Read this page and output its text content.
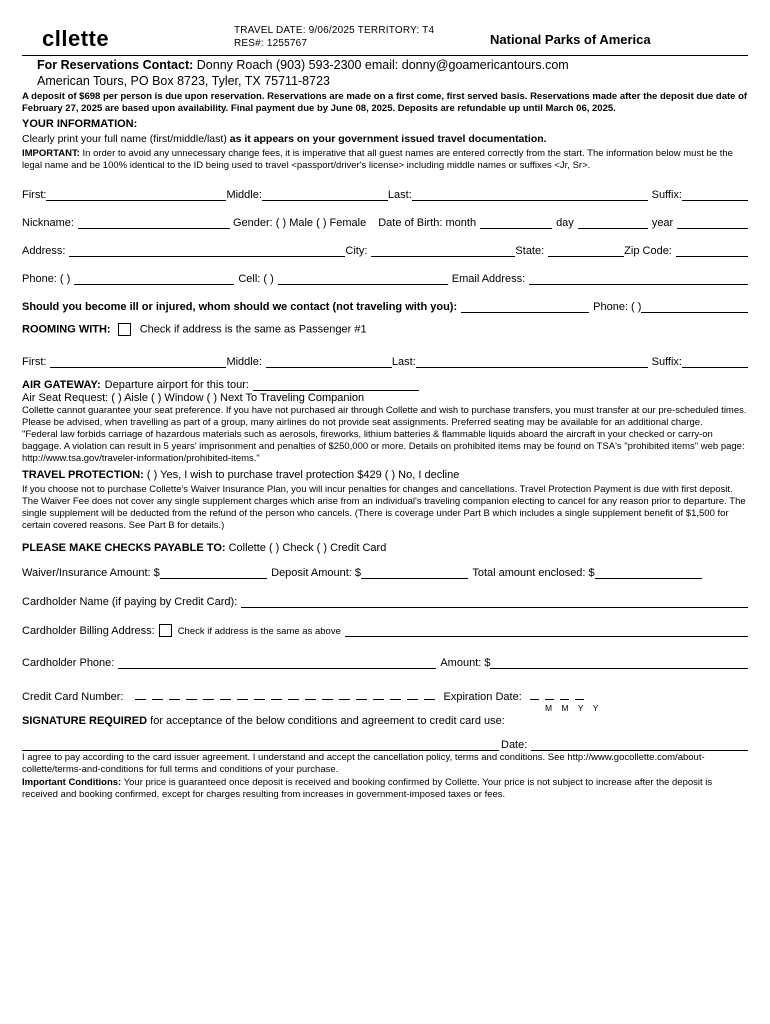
cllette	TRAVEL DATE: 9/06/2025 TERRITORY: T4
RES#: 1255767	National Parks of America
For Reservations Contact: Donny Roach (903) 593-2300 email: donny@goamericantours.com
American Tours, PO Box 8723, Tyler, TX 75711-8723
A deposit of $698 per person is due upon reservation. Reservations are made on a first come, first served basis. Reservations made after the deposit due date of February 27, 2025 are based upon availability. Final payment due by June 08, 2025. Deposits are refundable up until March 06, 2025.
YOUR INFORMATION:
Clearly print your full name (first/middle/last) as it appears on your government issued travel documentation.
IMPORTANT: In order to avoid any unnecessary change fees, it is imperative that all guest names are entered correctly from the start. The information below must be the legal name and be 100% identical to the ID being used to travel <passport/driver's license> including middle names or suffixes <Jr, Sr>.
First:	Middle:	Last:	Suffix:
Nickname:	Gender: ( ) Male ( ) Female Date of Birth: month	day	year
Address:	City:	State:	Zip Code:
Phone: ( )	Cell: ( )	Email Address:
Should you become ill or injured, whom should we contact (not traveling with you):	Phone: ( )
ROOMING WITH:	Check if address is the same as Passenger #1
First:	Middle:	Last:	Suffix:
AIR GATEWAY: Departure airport for this tour:
Air Seat Request: ( ) Aisle ( ) Window ( ) Next To Traveling Companion
Collette cannot guarantee your seat preference. If you have not purchased air through Collette and wish to purchase transfers, you must transfer at our pre-scheduled times. Please be advised, when travelling as part of a group, many airlines do not provide seat assignments. Preferred seating may be available for an additional charge.
"Federal law forbids carriage of hazardous materials such as aerosols, fireworks, lithium batteries & flammable liquids aboard the aircraft in your checked or carry-on baggage. A violation can result in 5 years' imprisonment and penalties of $250,000 or more. Details on prohibited items may be found on TSA's "prohibited items" web page: http://www.tsa.gov/traveler-information/prohibited-items."
TRAVEL PROTECTION: ( ) Yes, I wish to purchase travel protection $429 ( ) No, I decline
If you choose not to purchase Collette's Waiver Insurance Plan, you will incur penalties for changes and cancellations. Travel Protection Payment is due with first deposit. The Waiver Fee does not cover any single supplement charges which arise from an individual's traveling companion electing to cancel for any reason prior to departure. The single supplement will be deducted from the refund of the person who cancels. (There is coverage under Part B which includes a single supplement benefit of $1,500 for certain covered reasons. See Part B for details.)
PLEASE MAKE CHECKS PAYABLE TO: Collette ( ) Check ( ) Credit Card
Waiver/Insurance Amount: $	Deposit Amount: $	Total amount enclosed: $
Cardholder Name (if paying by Credit Card):
Cardholder Billing Address: Check if address is the same as above
Cardholder Phone:	Amount: $
Credit Card Number:	Expiration Date:
M    M    Y    Y
SIGNATURE REQUIRED for acceptance of the below conditions and agreement to credit card use:
Date:
I agree to pay according to the card issuer agreement. I understand and accept the cancellation policy, terms and conditions. See http://www.gocollette.com/about-collette/terms-and-conditions for full terms and conditions of your purchase.
Important Conditions: Your price is guaranteed once deposit is received and booking confirmed by Collette. Your price is not subject to increase after the deposit is received and booking confirmed, except for charges resulting from increases in government-imposed taxes or fees.
